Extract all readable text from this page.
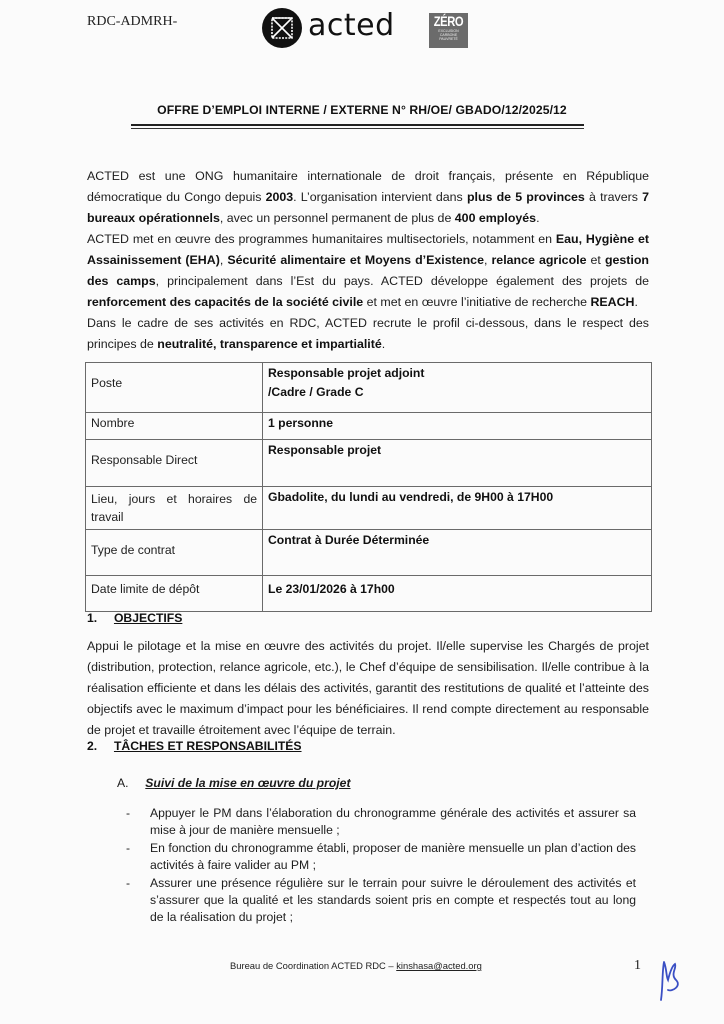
RDC-ADMRH-	acted	ZÉRO
EXCLUSION CARBONE PAUVRETÉ
OFFRE D’EMPLOI INTERNE / EXTERNE N° RH/OE/ GBADO/12/2025/12
ACTED est une ONG humanitaire internationale de droit français, présente en République démocratique du Congo depuis 2003. L’organisation intervient dans plus de 5 provinces à travers 7 bureaux opérationnels, avec un personnel permanent de plus de 400 employés.
ACTED met en œuvre des programmes humanitaires multisectoriels, notamment en Eau, Hygiène et Assainissement (EHA), Sécurité alimentaire et Moyens d’Existence, relance agricole et gestion des camps, principalement dans l’Est du pays. ACTED développe également des projets de renforcement des capacités de la société civile et met en œuvre l’initiative de recherche REACH.
Dans le cadre de ses activités en RDC, ACTED recrute le profil ci-dessous, dans le respect des principes de neutralité, transparence et impartialité.
Poste	Responsable projet adjoint
/Cadre / Grade C

Nombre	1 personne
Responsable Direct	Responsable projet
Lieu, jours et horaires de travail	Gbadolite, du lundi au vendredi, de 9H00 à 17H00
Type de contrat	Contrat à Durée Déterminée
Date limite de dépôt	Le 23/01/2026 à 17h00
1. OBJECTIFS
Appui le pilotage et la mise en œuvre des activités du projet. Il/elle supervise les Chargés de projet (distribution, protection, relance agricole, etc.), le Chef d’équipe de sensibilisation. Il/elle contribue à la réalisation efficiente et dans les délais des activités, garantit des restitutions de qualité et l’atteinte des objectifs avec le maximum d’impact pour les bénéficiaires. Il rend compte directement au responsable de projet et travaille étroitement avec l’équipe de terrain.
2. TÂCHES ET RESPONSABILITÉS
A. Suivi de la mise en œuvre du projet
- Appuyer le PM dans l’élaboration du chronogramme générale des activités et assurer sa mise à jour de manière mensuelle ;
- En fonction du chronogramme établi, proposer de manière mensuelle un plan d’action des activités à faire valider au PM ;
- Assurer une présence régulière sur le terrain pour suivre le déroulement des activités et s’assurer que la qualité et les standards soient pris en compte et respectés tout au long de la réalisation du projet ;
Bureau de Coordination ACTED RDC – kinshasa@acted.org	1
